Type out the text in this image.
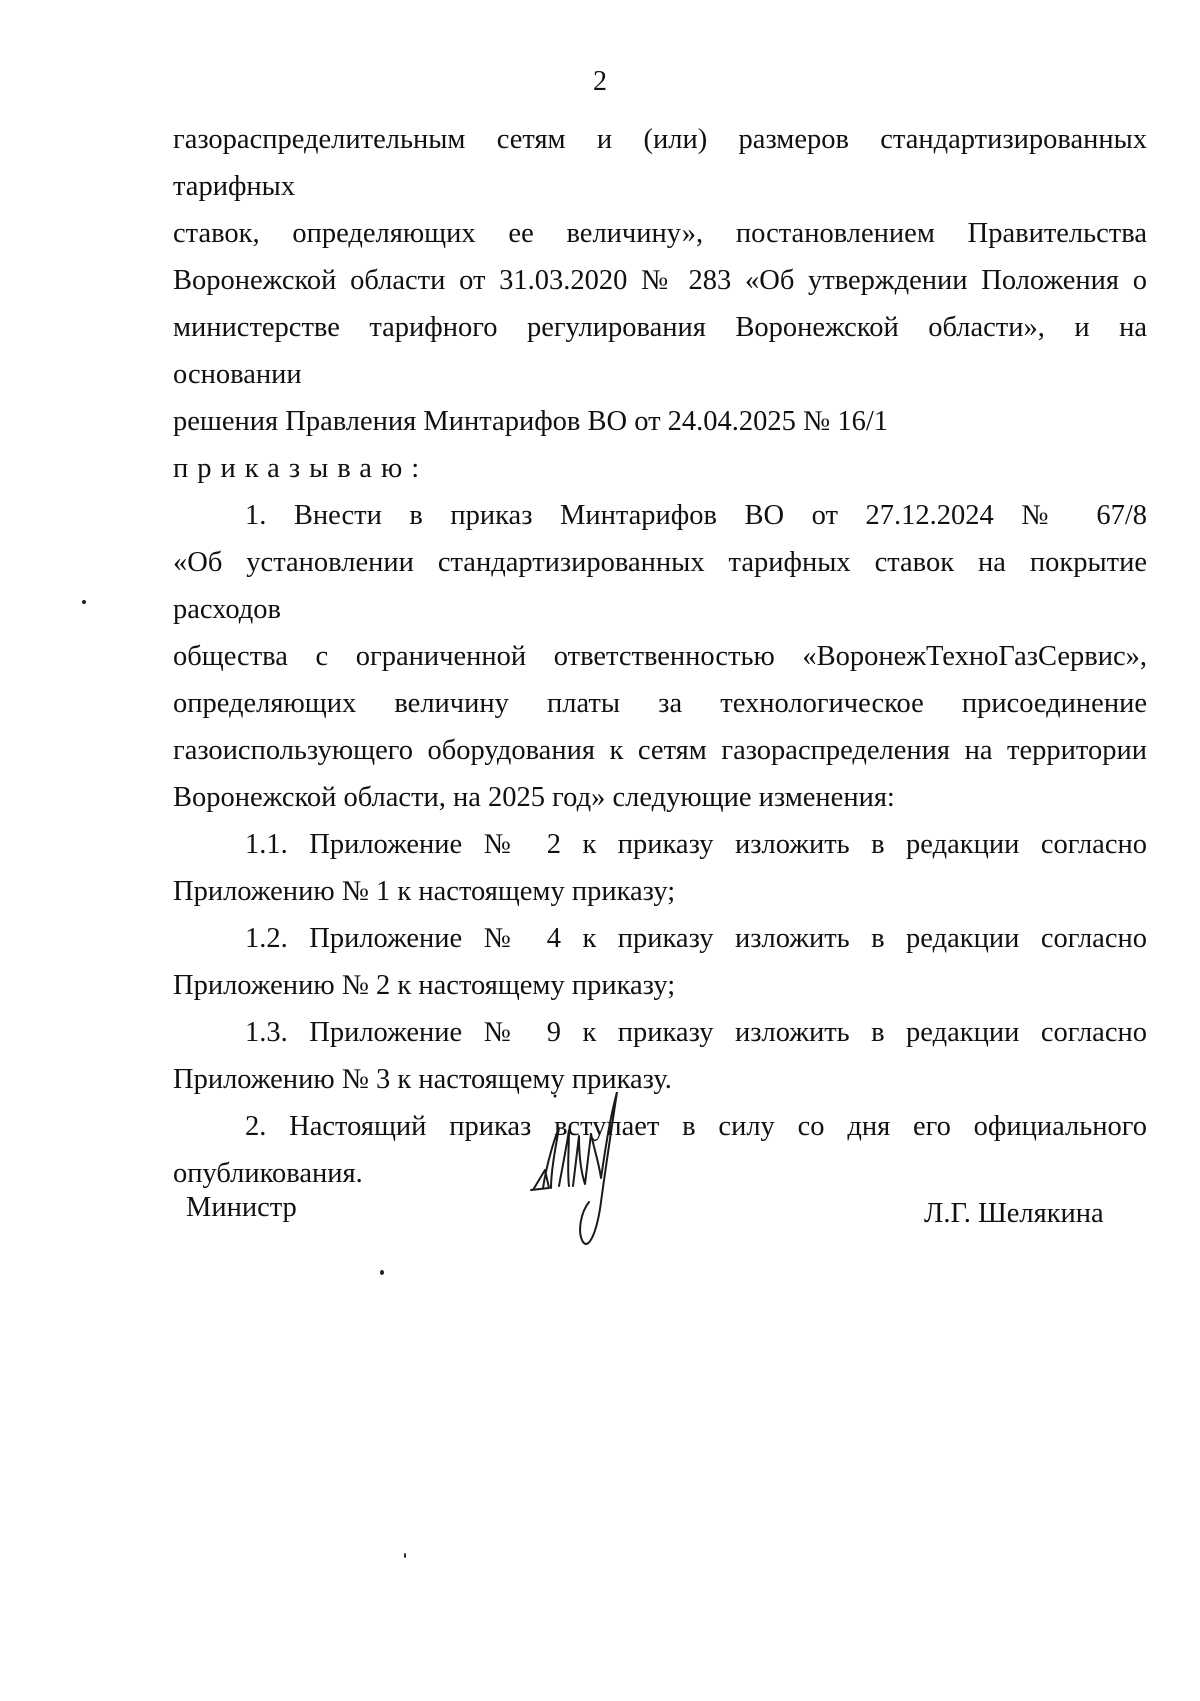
2
газораспределительным сетям и (или) размеров стандартизированных тарифных
ставок, определяющих ее величину», постановлением Правительства
Воронежской области от 31.03.2020 № 283 «Об утверждении Положения о
министерстве тарифного регулирования Воронежской области», и на основании
решения Правления Минтарифов ВО от 24.04.2025 № 16/1
приказываю:
1. Внести в приказ Минтарифов ВО от 27.12.2024 № 67/8
«Об установлении стандартизированных тарифных ставок на покрытие расходов
общества с ограниченной ответственностью «ВоронежТехноГазСервис»,
определяющих величину платы за технологическое присоединение
газоиспользующего оборудования к сетям газораспределения на территории
Воронежской области, на 2025 год» следующие изменения:
1.1. Приложение № 2 к приказу изложить в редакции согласно
Приложению № 1 к настоящему приказу;
1.2. Приложение № 4 к приказу изложить в редакции согласно
Приложению № 2 к настоящему приказу;
1.3. Приложение № 9 к приказу изложить в редакции согласно
Приложению № 3 к настоящему приказу.
2. Настоящий приказ вступает в силу со дня его официального
опубликования.
Министр	Л.Г. Шелякина
